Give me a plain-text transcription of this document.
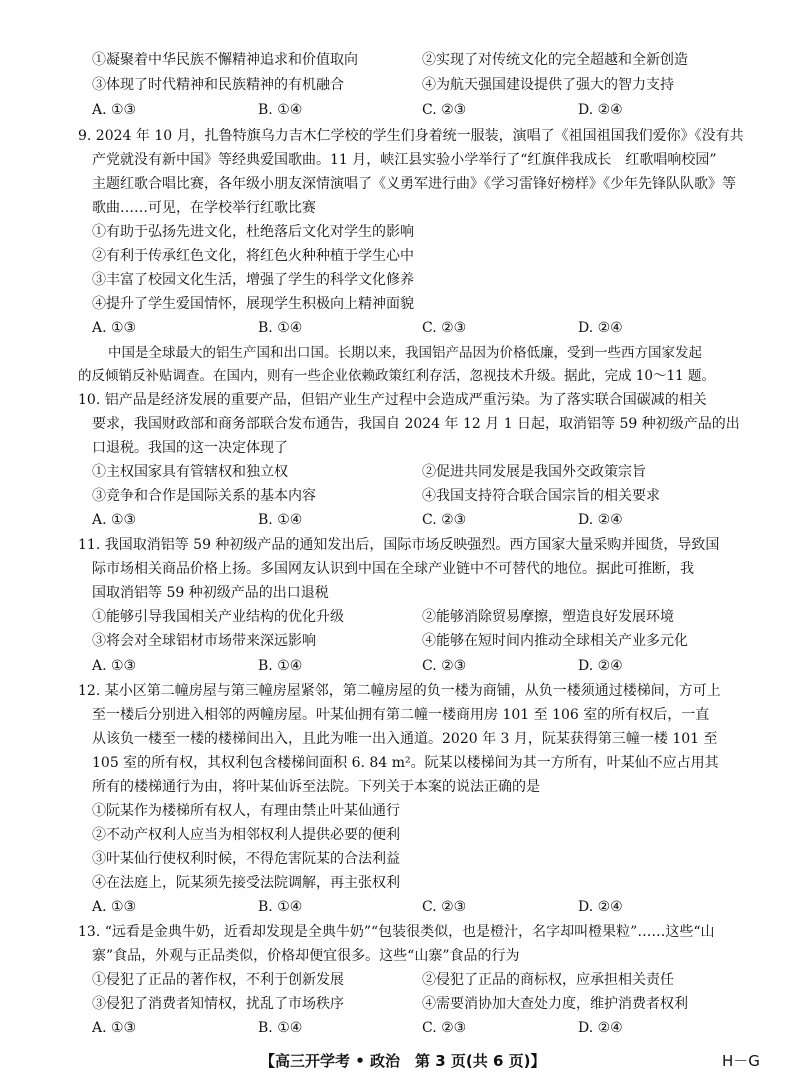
①凝聚着中华民族不懈精神追求和价值取向	②实现了对传统文化的完全超越和全新创造
③体现了时代精神和民族精神的有机融合	④为航天强国建设提供了强大的智力支持
A. ①③	B. ①④	C. ②③	D. ②④
9. 2024 年 10 月，扎鲁特旗乌力吉木仁学校的学生们身着统一服装，演唱了《祖国祖国我们爱你》《没有共
产党就没有新中国》等经典爱国歌曲。11 月，峡江县实验小学举行了“红旗伴我成长　红歌唱响校园”
主题红歌合唱比赛，各年级小朋友深情演唱了《义勇军进行曲》《学习雷锋好榜样》《少年先锋队队歌》等
歌曲……可见，在学校举行红歌比赛
①有助于弘扬先进文化，杜绝落后文化对学生的影响
②有利于传承红色文化，将红色火种种植于学生心中
③丰富了校园文化生活，增强了学生的科学文化修养
④提升了学生爱国情怀，展现学生积极向上精神面貌
A. ①③	B. ①④	C. ②③	D. ②④
中国是全球最大的铝生产国和出口国。长期以来，我国铝产品因为价格低廉，受到一些西方国家发起
的反倾销反补贴调查。在国内，则有一些企业依赖政策红利存活，忽视技术升级。据此，完成 10～11 题。
10. 铝产品是经济发展的重要产品，但铝产业生产过程中会造成严重污染。为了落实联合国碳减的相关
要求，我国财政部和商务部联合发布通告，我国自 2024 年 12 月 1 日起，取消铝等 59 种初级产品的出
口退税。我国的这一决定体现了
①主权国家具有管辖权和独立权	②促进共同发展是我国外交政策宗旨
③竞争和合作是国际关系的基本内容	④我国支持符合联合国宗旨的相关要求
A. ①③	B. ①④	C. ②③	D. ②④
11. 我国取消铝等 59 种初级产品的通知发出后，国际市场反映强烈。西方国家大量采购并囤货，导致国
际市场相关商品价格上扬。多国网友认识到中国在全球产业链中不可替代的地位。据此可推断，我
国取消铝等 59 种初级产品的出口退税
①能够引导我国相关产业结构的优化升级	②能够消除贸易摩擦，塑造良好发展环境
③将会对全球铝材市场带来深远影响	④能够在短时间内推动全球相关产业多元化
A. ①③	B. ①④	C. ②③	D. ②④
12. 某小区第二幢房屋与第三幢房屋紧邻，第二幢房屋的负一楼为商铺，从负一楼须通过楼梯间，方可上
至一楼后分别进入相邻的两幢房屋。叶某仙拥有第二幢一楼商用房 101 至 106 室的所有权后，一直
从该负一楼至一楼的楼梯间出入，且此为唯一出入通道。2020 年 3 月，阮某获得第三幢一楼 101 至
105 室的所有权，其权利包含楼梯间面积 6. 84 m²。阮某以楼梯间为其一方所有，叶某仙不应占用其
所有的楼梯通行为由，将叶某仙诉至法院。下列关于本案的说法正确的是
①阮某作为楼梯所有权人，有理由禁止叶某仙通行
②不动产权利人应当为相邻权利人提供必要的便利
③叶某仙行使权利时候，不得危害阮某的合法利益
④在法庭上，阮某须先接受法院调解，再主张权利
A. ①③	B. ①④	C. ②③	D. ②④
13. “远看是金典牛奶，近看却发现是全典牛奶”“包装很类似，也是橙汁，名字却叫橙果粒”……这些“山
寨”食品，外观与正品类似，价格却便宜很多。这些“山寨”食品的行为
①侵犯了正品的著作权，不利于创新发展	②侵犯了正品的商标权，应承担相关责任
③侵犯了消费者知情权，扰乱了市场秩序	④需要消协加大查处力度，维护消费者权利
A. ①③	B. ①④	C. ②③	D. ②④
【高三开学考 • 政治　第 3 页(共 6 页)】	H－G
